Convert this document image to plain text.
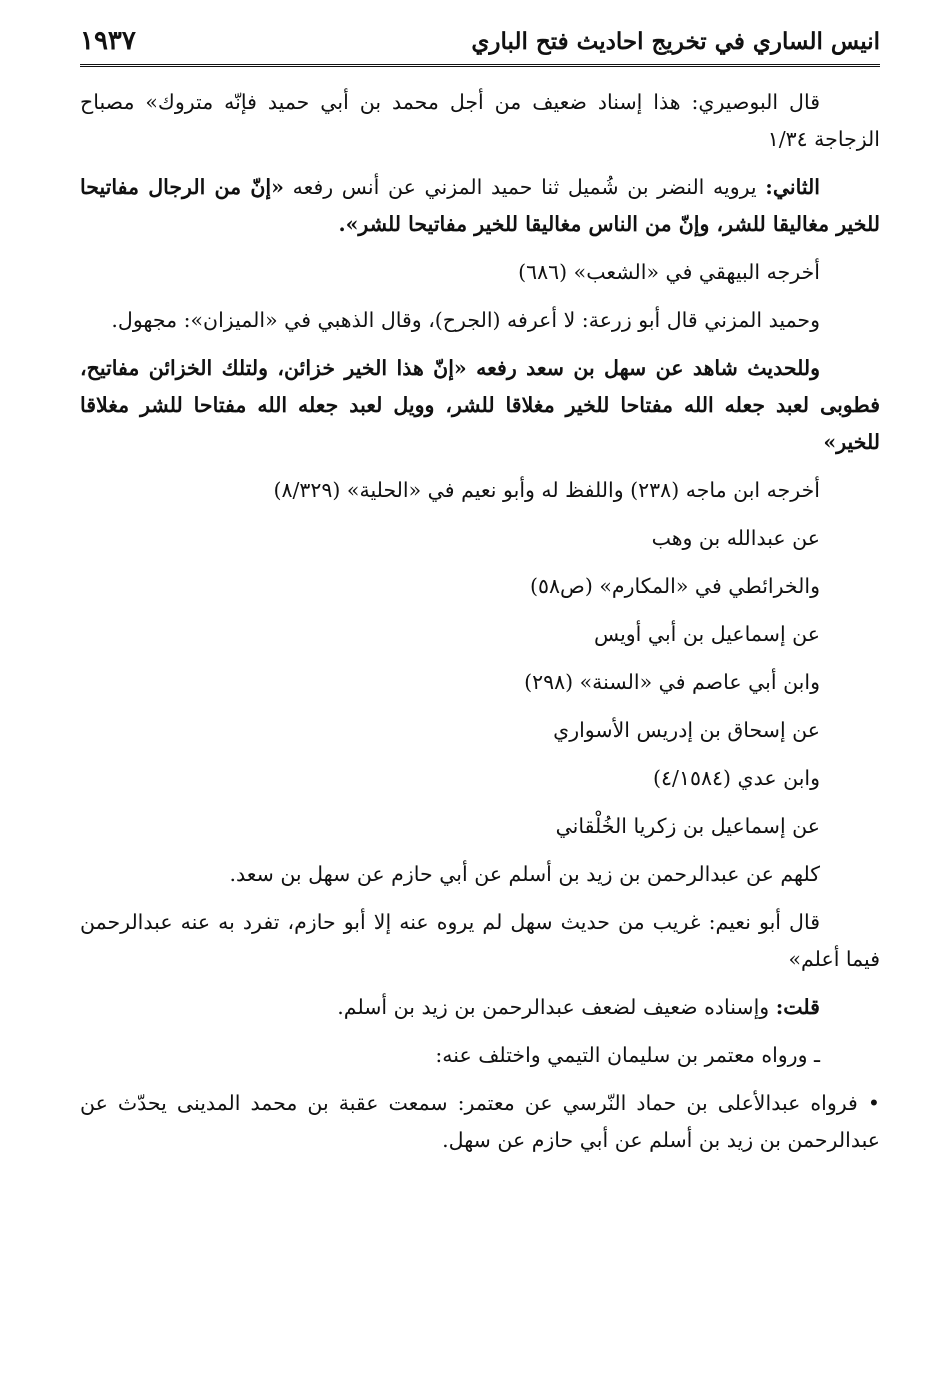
انيس الساري في تخريج احاديث فتح الباري
١٩٣٧

قال البوصيري: هذا إسناد ضعيف من أجل محمد بن أبي حميد فإنّه متروك» مصباح الزجاجة ١/٣٤

الثاني: يرويه النضر بن شُميل ثنا حميد المزني عن أنس رفعه «إنّ من الرجال مفاتيحا للخير مغاليقا للشر، وإنّ من الناس مغاليقا للخير مفاتيحا للشر».

أخرجه البيهقي في «الشعب» (٦٨٦)

وحميد المزني قال أبو زرعة: لا أعرفه (الجرح)، وقال الذهبي في «الميزان»: مجهول.

وللحديث شاهد عن سهل بن سعد رفعه «إنّ هذا الخير خزائن، ولتلك الخزائن مفاتيح، فطوبى لعبد جعله الله مفتاحا للخير مغلاقا للشر، وويل لعبد جعله الله مفتاحا للشر مغلاقا للخير»

أخرجه ابن ماجه (٢٣٨) واللفظ له وأبو نعيم في «الحلية» (٨/٣٢٩)

عن عبدالله بن وهب

والخرائطي في «المكارم» (ص٥٨)

عن إسماعيل بن أبي أويس

وابن أبي عاصم في «السنة» (٢٩٨)

عن إسحاق بن إدريس الأسواري

وابن عدي (٤/١٥٨٤)

عن إسماعيل بن زكريا الخُلْقاني

كلهم عن عبدالرحمن بن زيد بن أسلم عن أبي حازم عن سهل بن سعد.

قال أبو نعيم: غريب من حديث سهل لم يروه عنه إلا أبو حازم، تفرد به عنه عبدالرحمن فيما أعلم»

قلت: وإسناده ضعيف لضعف عبدالرحمن بن زيد بن أسلم.

ـ ورواه معتمر بن سليمان التيمي واختلف عنه:

• فرواه عبدالأعلى بن حماد النّرسي عن معتمر: سمعت عقبة بن محمد المدينى يحدّث عن عبدالرحمن بن زيد بن أسلم عن أبي حازم عن سهل.
